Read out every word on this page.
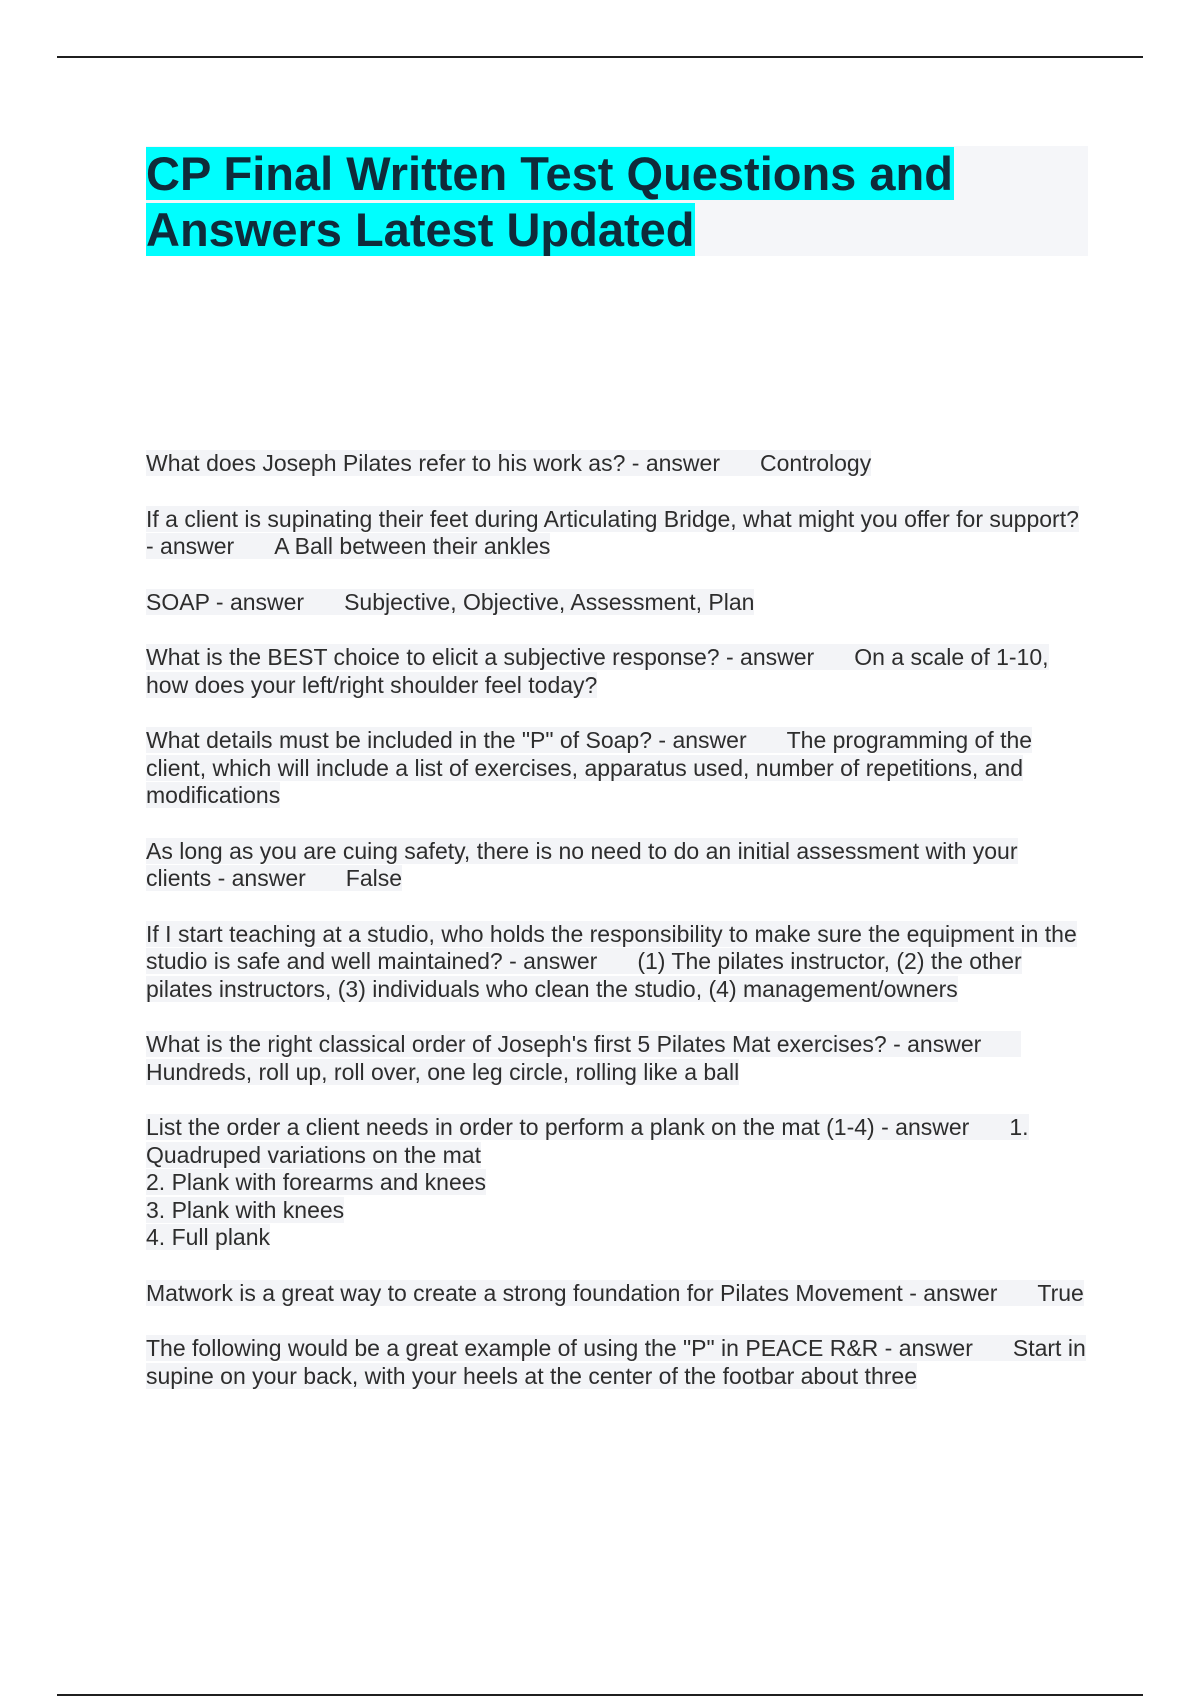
CP Final Written Test Questions and Answers Latest Updated

What does Joseph Pilates refer to his work as? - answer Contrology

If a client is supinating their feet during Articulating Bridge, what might you offer for support? - answer A Ball between their ankles

SOAP - answer Subjective, Objective, Assessment, Plan

What is the BEST choice to elicit a subjective response? - answer On a scale of 1-10, how does your left/right shoulder feel today?

What details must be included in the "P" of Soap? - answer The programming of the client, which will include a list of exercises, apparatus used, number of repetitions, and modifications

As long as you are cuing safety, there is no need to do an initial assessment with your clients - answer False

If I start teaching at a studio, who holds the responsibility to make sure the equipment in the studio is safe and well maintained? - answer (1) The pilates instructor, (2) the other pilates instructors, (3) individuals who clean the studio, (4) management/owners

What is the right classical order of Joseph's first 5 Pilates Mat exercises? - answerHundreds, roll up, roll over, one leg circle, rolling like a ball

List the order a client needs in order to perform a plank on the mat (1-4) - answer 1. Quadruped variations on the mat
2. Plank with forearms and knees
3. Plank with knees
4. Full plank

Matwork is a great way to create a strong foundation for Pilates Movement - answer True

The following would be a great example of using the "P" in PEACE R&R - answer Start in supine on your back, with your heels at the center of the footbar about three
